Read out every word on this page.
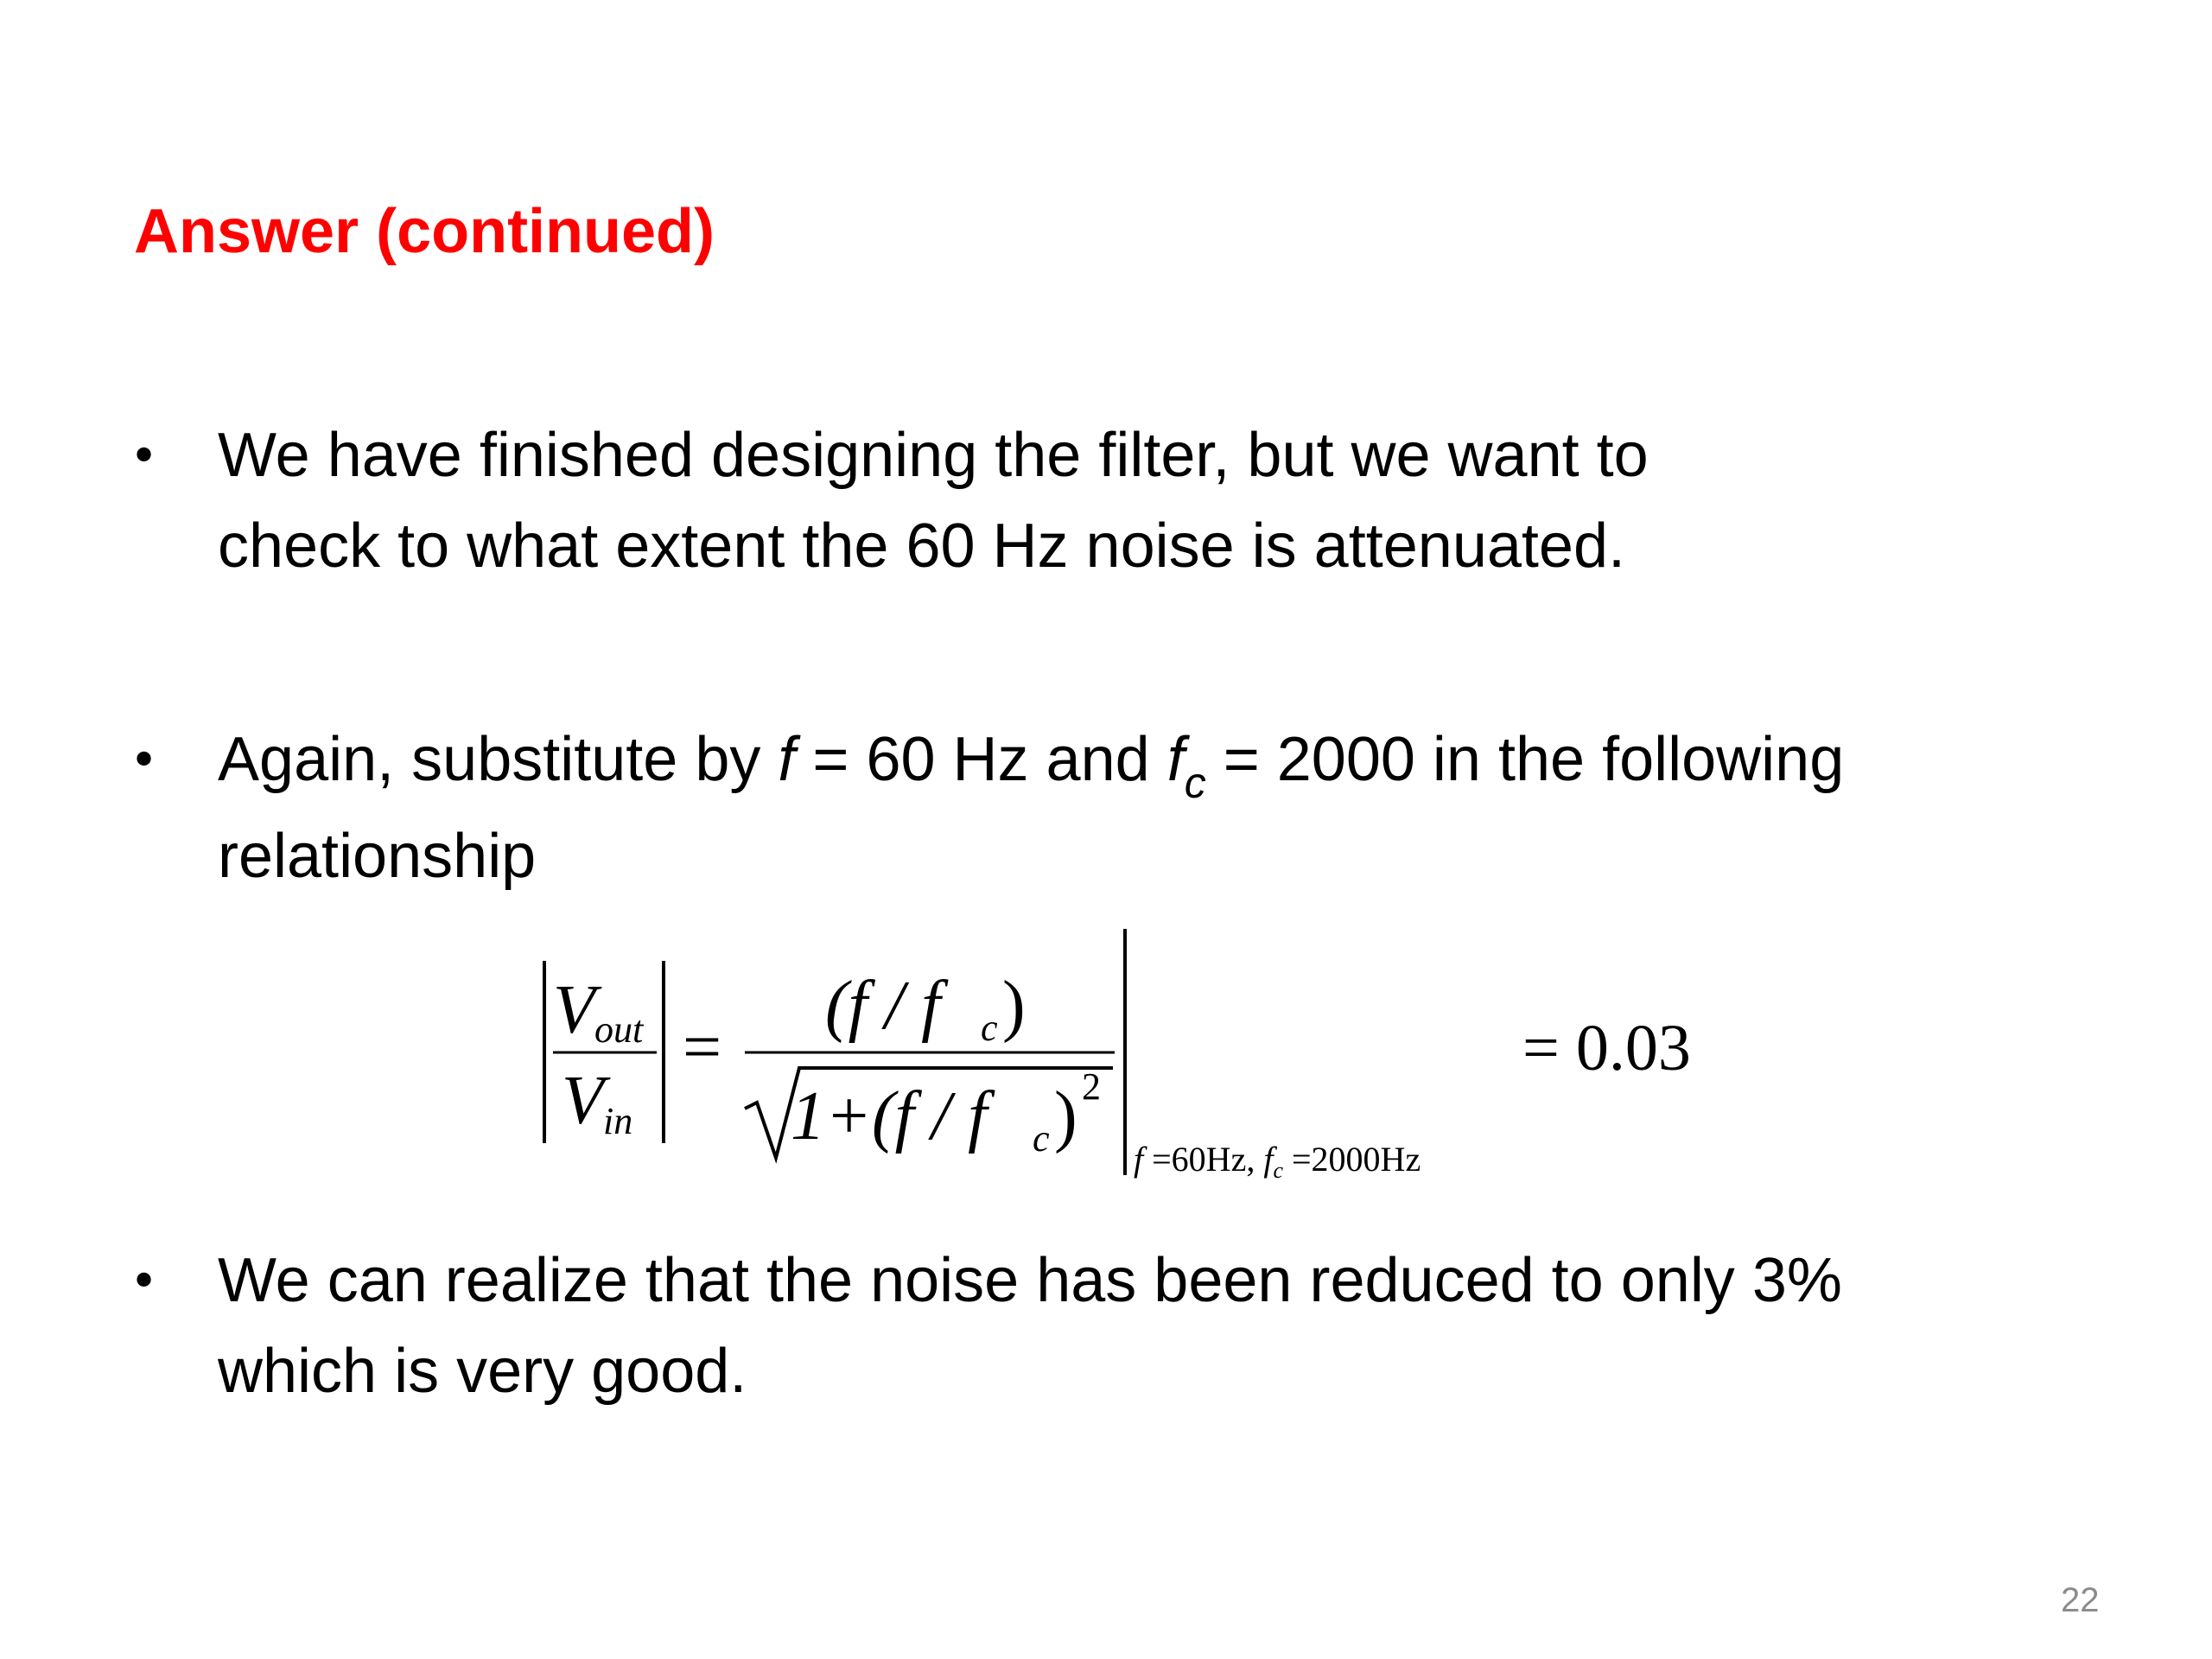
Answer (continued)
• We have finished designing the filter, but we want to
check to what extent the 60 Hz noise is attenuated.
• Again, substitute by f = 60 Hz and $f_c = 2000$ in the following
relationship
V out
V in
=
(f / f c )
1+(f / f c ) 2
f =60Hz, $f_c =2000Hz$
= 0.03
• We can realize that the noise has been reduced to only 3%
which is very good.
22
